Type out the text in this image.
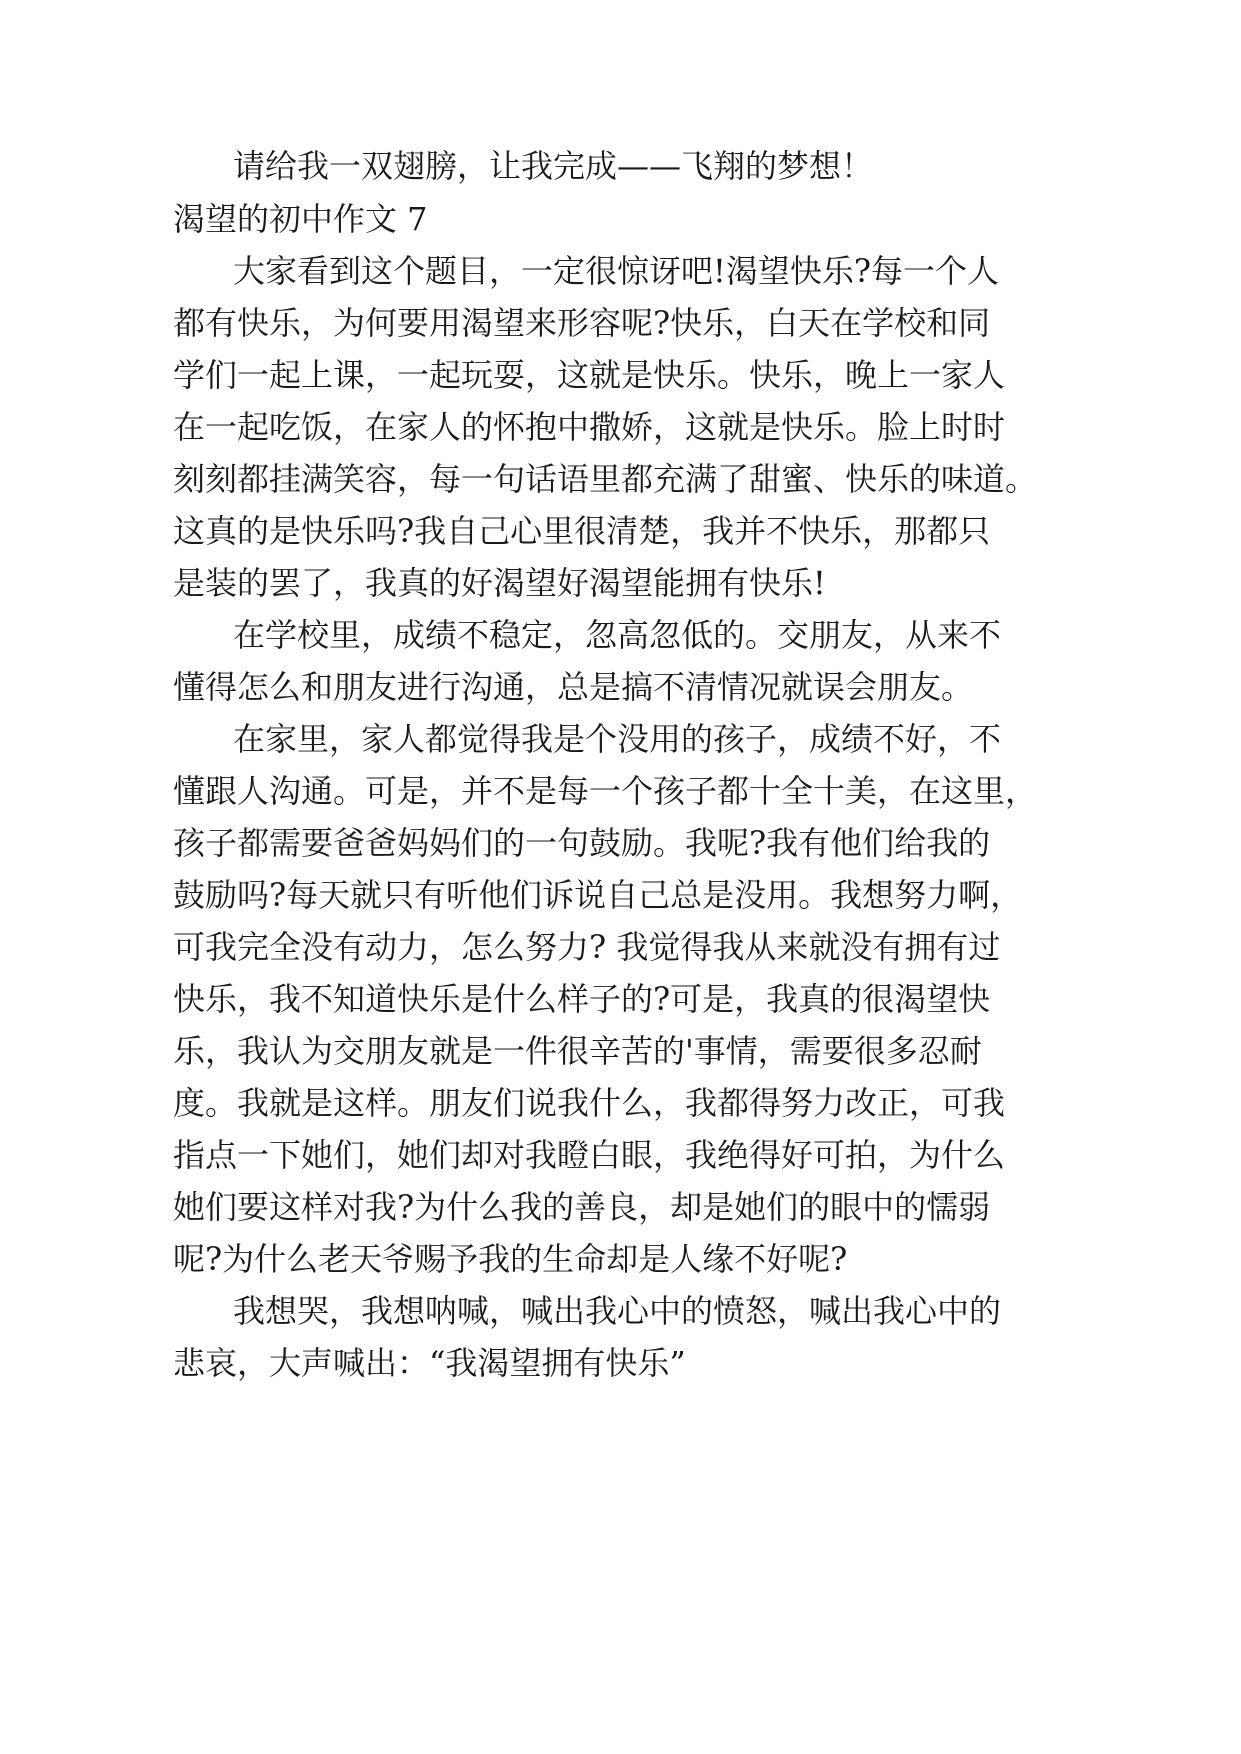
请给我一双翅膀，让我完成——飞翔的梦想！

渴望的初中作文 7

大家看到这个题目，一定很惊讶吧!渴望快乐?每一个人

都有快乐，为何要用渴望来形容呢?快乐，白天在学校和同

学们一起上课，一起玩耍，这就是快乐。快乐，晚上一家人

在一起吃饭，在家人的怀抱中撒娇，这就是快乐。脸上时时

刻刻都挂满笑容，每一句话语里都充满了甜蜜、快乐的味道。

这真的是快乐吗?我自己心里很清楚，我并不快乐，那都只

是装的罢了，我真的好渴望好渴望能拥有快乐!

在学校里，成绩不稳定，忽高忽低的。交朋友，从来不

懂得怎么和朋友进行沟通，总是搞不清情况就误会朋友。

在家里，家人都觉得我是个没用的孩子，成绩不好，不

懂跟人沟通。可是，并不是每一个孩子都十全十美，在这里，

孩子都需要爸爸妈妈们的一句鼓励。我呢?我有他们给我的

鼓励吗?每天就只有听他们诉说自己总是没用。我想努力啊，

可我完全没有动力，怎么努力? 我觉得我从来就没有拥有过

快乐，我不知道快乐是什么样子的?可是，我真的很渴望快

乐，我认为交朋友就是一件很辛苦的'事情，需要很多忍耐

度。我就是这样。朋友们说我什么，我都得努力改正，可我

指点一下她们，她们却对我瞪白眼，我绝得好可拍，为什么

她们要这样对我?为什么我的善良，却是她们的眼中的懦弱

呢?为什么老天爷赐予我的生命却是人缘不好呢?

我想哭，我想呐喊，喊出我心中的愤怒，喊出我心中的

悲哀，大声喊出：“我渴望拥有快乐”
